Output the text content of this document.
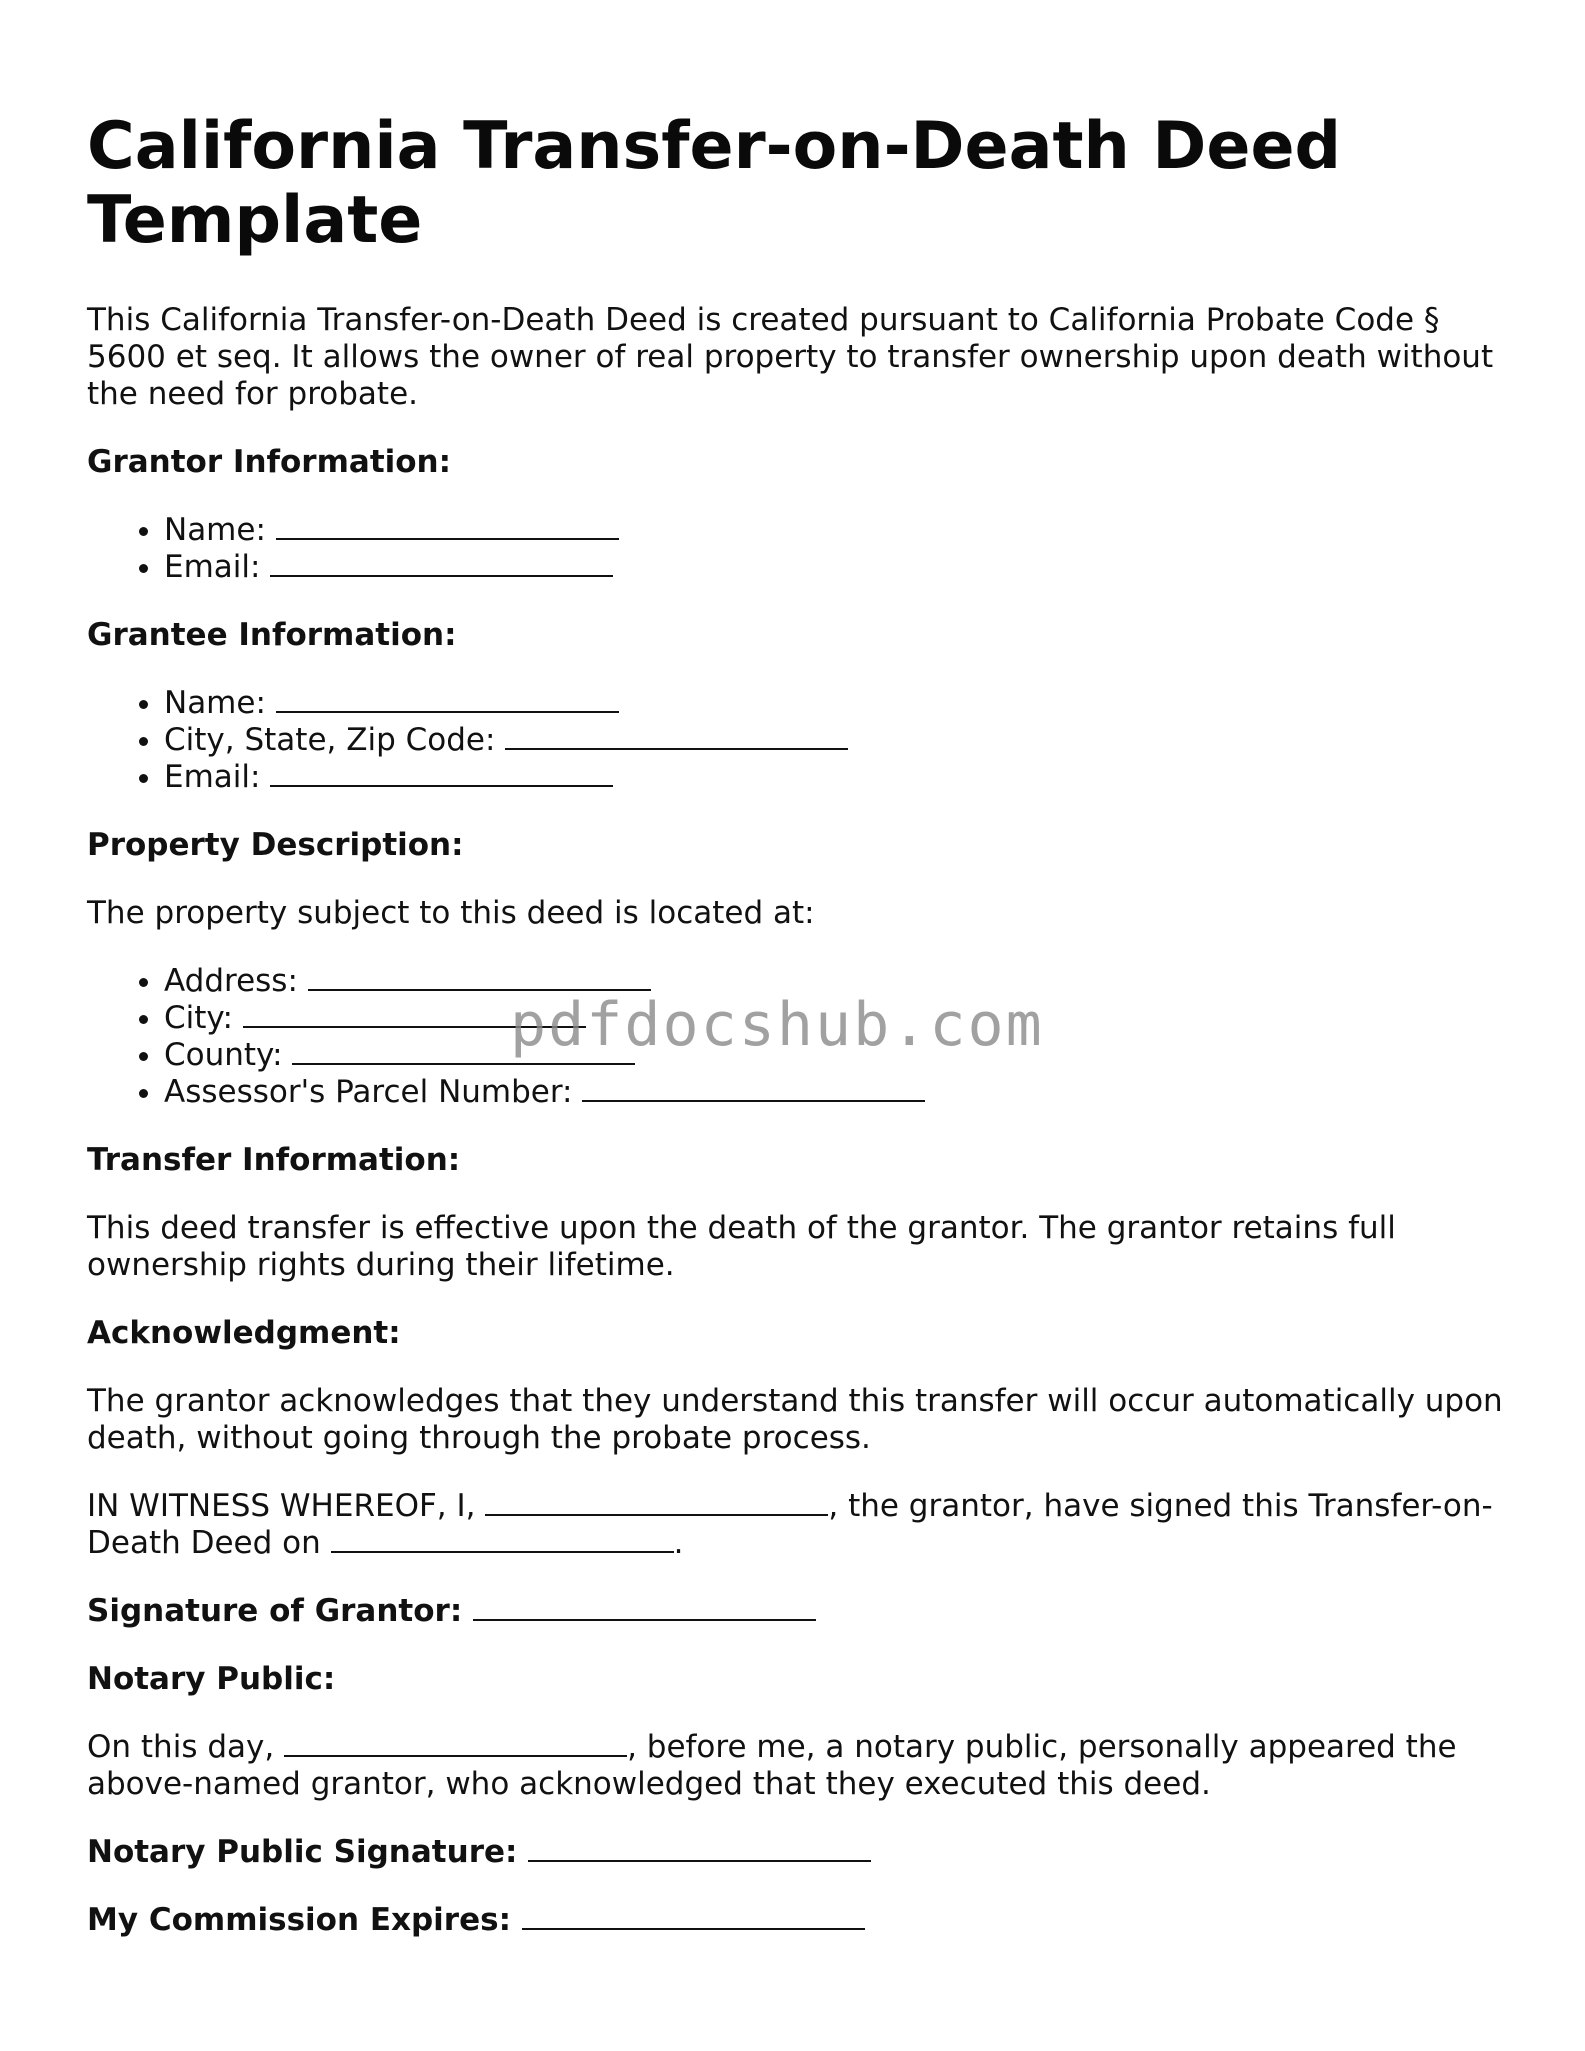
California Transfer-on-Death Deed Template

This California Transfer-on-Death Deed is created pursuant to California Probate Code § 5600 et seq. It allows the owner of real property to transfer ownership upon death without the need for probate.

Grantor Information:

• Name:
• Email:

Grantee Information:

• Name:
• City, State, Zip Code:
• Email:

Property Description:

The property subject to this deed is located at:

• Address:
• City:
• County:
• Assessor's Parcel Number:

Transfer Information:

This deed transfer is effective upon the death of the grantor. The grantor retains full ownership rights during their lifetime.

Acknowledgment:

The grantor acknowledges that they understand this transfer will occur automatically upon death, without going through the probate process.

IN WITNESS WHEREOF, I,	, the grantor, have signed this Transfer-on-Death Deed on	.

Signature of Grantor:

Notary Public:

On this day,	, before me, a notary public, personally appeared the above-named grantor, who acknowledged that they executed this deed.

Notary Public Signature:

My Commission Expires:

pdfdocshub.com
